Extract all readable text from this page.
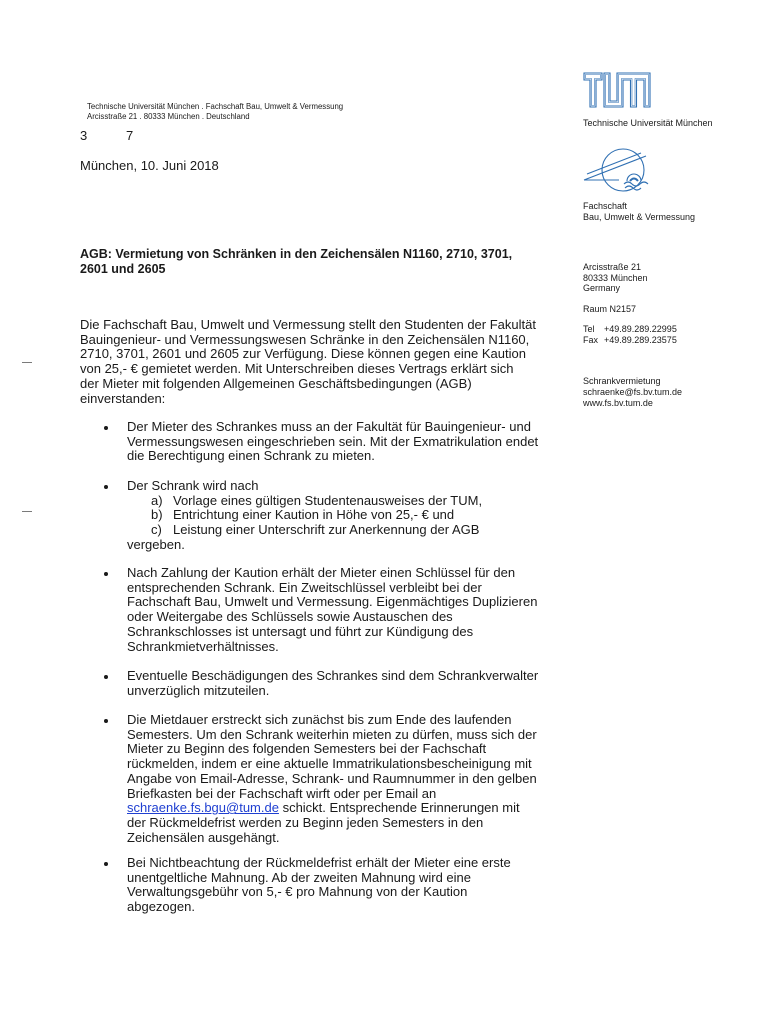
Technische Universität München . Fachschaft Bau, Umwelt & Vermessung
Arcisstraße 21 . 80333 München . Deutschland
3	7
München, 10. Juni 2018
AGB: Vermietung von Schränken in den Zeichensälen N1160, 2710, 3701,
2601 und 2605
Die Fachschaft Bau, Umwelt und Vermessung stellt den Studenten der Fakultät
Bauingenieur- und Vermessungswesen Schränke in den Zeichensälen N1160,
2710, 3701, 2601 und 2605 zur Verfügung. Diese können gegen eine Kaution
von 25,- € gemietet werden. Mit Unterschreiben dieses Vertrags erklärt sich
der Mieter mit folgenden Allgemeinen Geschäftsbedingungen (AGB)
einverstanden:
Der Mieter des Schrankes muss an der Fakultät für Bauingenieur- und
Vermessungswesen eingeschrieben sein. Mit der Exmatrikulation endet
die Berechtigung einen Schrank zu mieten.
Der Schrank wird nach
a) Vorlage eines gültigen Studentenausweises der TUM,
b) Entrichtung einer Kaution in Höhe von 25,- € und
c) Leistung einer Unterschrift zur Anerkennung der AGB
vergeben.
Nach Zahlung der Kaution erhält der Mieter einen Schlüssel für den
entsprechenden Schrank. Ein Zweitschlüssel verbleibt bei der
Fachschaft Bau, Umwelt und Vermessung. Eigenmächtiges Duplizieren
oder Weitergabe des Schlüssels sowie Austauschen des
Schrankschlosses ist untersagt und führt zur Kündigung des
Schrankmietverhältnisses.
Eventuelle Beschädigungen des Schrankes sind dem Schrankverwalter
unverzüglich mitzuteilen.
Die Mietdauer erstreckt sich zunächst bis zum Ende des laufenden
Semesters. Um den Schrank weiterhin mieten zu dürfen, muss sich der
Mieter zu Beginn des folgenden Semesters bei der Fachschaft
rückmelden, indem er eine aktuelle Immatrikulationsbescheinigung mit
Angabe von Email-Adresse, Schrank- und Raumnummer in den gelben
Briefkasten bei der Fachschaft wirft oder per Email an
schraenke.fs.bgu@tum.de schickt. Entsprechende Erinnerungen mit
der Rückmeldefrist werden zu Beginn jeden Semesters in den
Zeichensälen ausgehängt.
Bei Nichtbeachtung der Rückmeldefrist erhält der Mieter eine erste
unentgeltliche Mahnung. Ab der zweiten Mahnung wird eine
Verwaltungsgebühr von 5,- € pro Mahnung von der Kaution
abgezogen.
Technische Universität München
Fachschaft
Bau, Umwelt & Vermessung
Arcisstraße 21
80333 München
Germany
Raum N2157
Tel +49.89.289.22995
Fax +49.89.289.23575
Schrankvermietung
schraenke@fs.bv.tum.de
www.fs.bv.tum.de
